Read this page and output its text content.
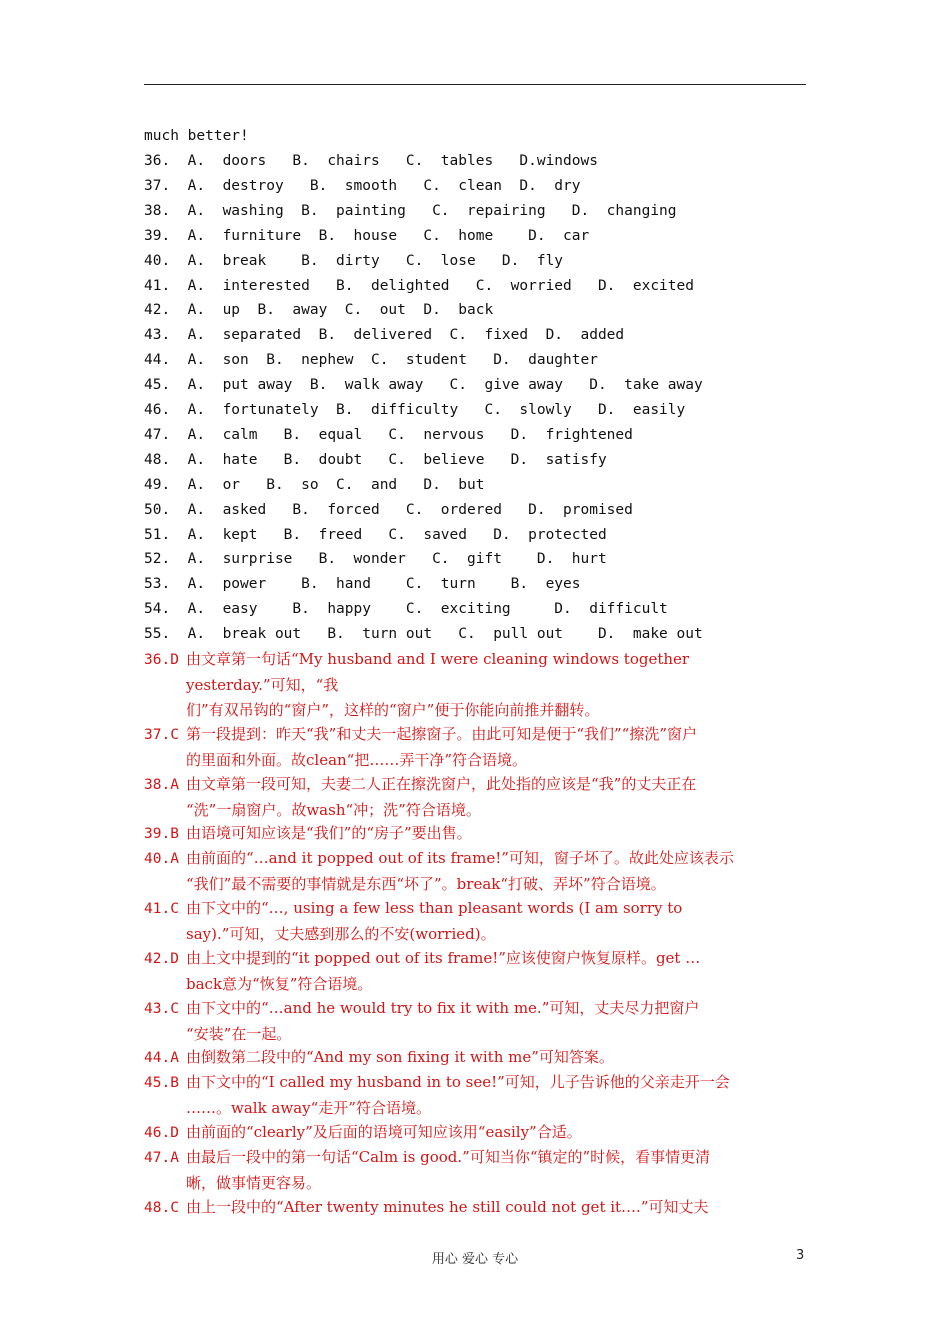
much better!
36.  A.  doors   B.  chairs   C.  tables   D.windows
37.  A.  destroy   B.  smooth   C.  clean  D.  dry
38.  A.  washing  B.  painting   C.  repairing   D.  changing
39.  A.  furniture  B.  house   C.  home    D.  car
40.  A.  break    B.  dirty   C.  lose   D.  fly
41.  A.  interested   B.  delighted   C.  worried   D.  excited
42.  A.  up  B.  away  C.  out  D.  back
43.  A.  separated  B.  delivered  C.  fixed  D.  added
44.  A.  son  B.  nephew  C.  student   D.  daughter
45.  A.  put away  B.  walk away   C.  give away   D.  take away
46.  A.  fortunately  B.  difficulty   C.  slowly   D.  easily
47.  A.  calm   B.  equal   C.  nervous   D.  frightened
48.  A.  hate   B.  doubt   C.  believe   D.  satisfy
49.  A.  or   B.  so  C.  and   D.  but
50.  A.  asked   B.  forced   C.  ordered   D.  promised
51.  A.  kept   B.  freed   C.  saved   D.  protected
52.  A.  surprise   B.  wonder   C.  gift    D.  hurt
53.  A.  power    B.  hand    C.  turn    B.  eyes
54.  A.  easy    B.  happy    C.  exciting     D.  difficult
55.  A.  break out   B.  turn out   C.  pull out    D.  make out
36.D 由文章第一句话“My husband and I were cleaning windows together
yesterday.”可知，“我
们”有双吊钩的“窗户”，这样的“窗户”便于你能向前推并翻转。
37.C 第一段提到：昨天“我”和丈夫一起擦窗子。由此可知是便于“我们”“擦洗”窗户
的里面和外面。故clean“把……弄干净”符合语境。
38.A 由文章第一段可知，夫妻二人正在擦洗窗户，此处指的应该是“我”的丈夫正在
“洗”一扇窗户。故wash“冲；洗”符合语境。
39.B 由语境可知应该是“我们”的“房子”要出售。
40.A 由前面的“…and it popped out of its frame!”可知，窗子坏了。故此处应该表示
“我们”最不需要的事情就是东西“坏了”。break“打破、弄坏”符合语境。
41.C 由下文中的“…, using a few less than pleasant words (I am sorry to
say).”可知，丈夫感到那么的不安(worried)。
42.D 由上文中提到的“it popped out of its frame!”应该使窗户恢复原样。get …
back意为“恢复”符合语境。
43.C 由下文中的“…and he would try to fix it with me.”可知，丈夫尽力把窗户
“安装”在一起。
44.A 由倒数第二段中的“And my son fixing it with me”可知答案。
45.B 由下文中的“I called my husband in to see!”可知，儿子告诉他的父亲走开一会
……。walk away“走开”符合语境。
46.D 由前面的“clearly”及后面的语境可知应该用“easily”合适。
47.A 由最后一段中的第一句话“Calm is good.”可知当你“镇定的”时候，看事情更清
晰，做事情更容易。
48.C 由上一段中的“After twenty minutes he still could not get it….”可知丈夫
用心 爱心 专心	3
